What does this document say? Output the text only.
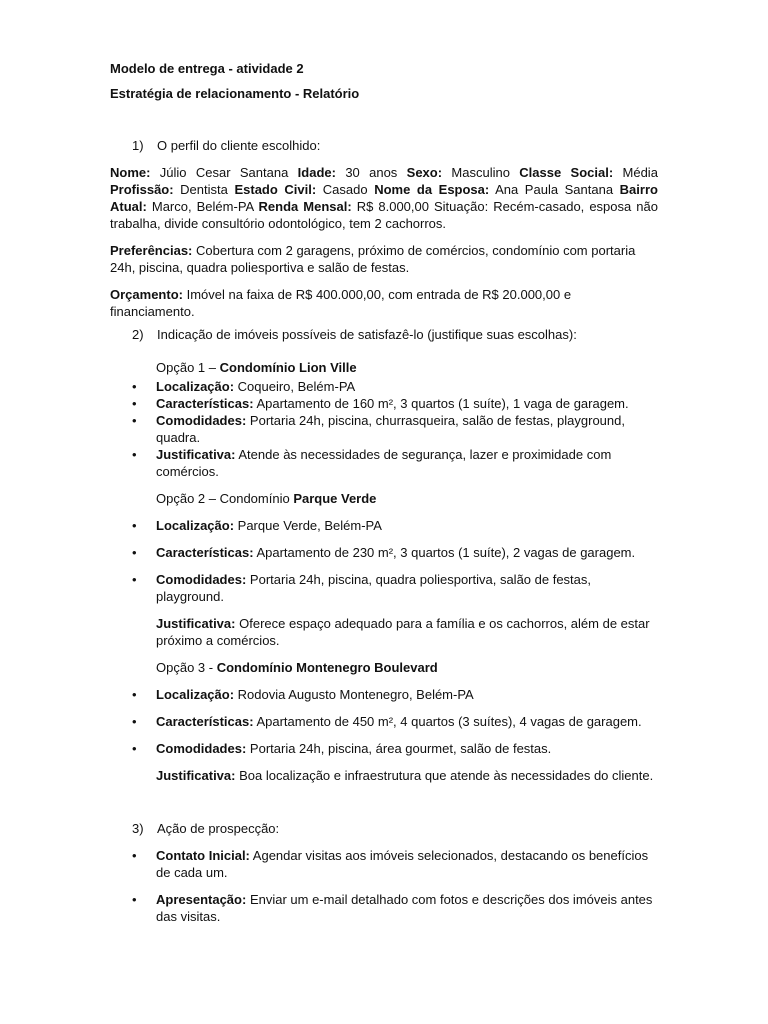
Modelo de entrega - atividade 2

Estratégia de relacionamento - Relatório

1)	O perfil do cliente escolhido:

Nome: Júlio Cesar Santana Idade: 30 anos Sexo: Masculino Classe Social: Média Profissão: Dentista Estado Civil: Casado Nome da Esposa: Ana Paula Santana Bairro Atual: Marco, Belém-PA Renda Mensal: R$ 8.000,00 Situação: Recém-casado, esposa não trabalha, divide consultório odontológico, tem 2 cachorros.

Preferências: Cobertura com 2 garagens, próximo de comércios, condomínio com portaria 24h, piscina, quadra poliesportiva e salão de festas.

Orçamento: Imóvel na faixa de R$ 400.000,00, com entrada de R$ 20.000,00 e financiamento.

2)	Indicação de imóveis possíveis de satisfazê-lo (justifique suas escolhas):

Opção 1 – Condomínio Lion Ville

•	Localização: Coqueiro, Belém-PA
•	Características: Apartamento de 160 m², 3 quartos (1 suíte), 1 vaga de garagem.
•	Comodidades: Portaria 24h, piscina, churrasqueira, salão de festas, playground, quadra.
•	Justificativa: Atende às necessidades de segurança, lazer e proximidade com comércios.

Opção 2 – Condomínio Parque Verde

•	Localização: Parque Verde, Belém-PA
•	Características: Apartamento de 230 m², 3 quartos (1 suíte), 2 vagas de garagem.
•	Comodidades: Portaria 24h, piscina, quadra poliesportiva, salão de festas, playground.

Justificativa: Oferece espaço adequado para a família e os cachorros, além de estar próximo a comércios.

Opção 3 - Condomínio Montenegro Boulevard

•	Localização: Rodovia Augusto Montenegro, Belém-PA
•	Características: Apartamento de 450 m², 4 quartos (3 suítes), 4 vagas de garagem.
•	Comodidades: Portaria 24h, piscina, área gourmet, salão de festas.

Justificativa: Boa localização e infraestrutura que atende às necessidades do cliente.

3)	Ação de prospecção:
•	Contato Inicial: Agendar visitas aos imóveis selecionados, destacando os benefícios de cada um.
•	Apresentação: Enviar um e-mail detalhado com fotos e descrições dos imóveis antes das visitas.
